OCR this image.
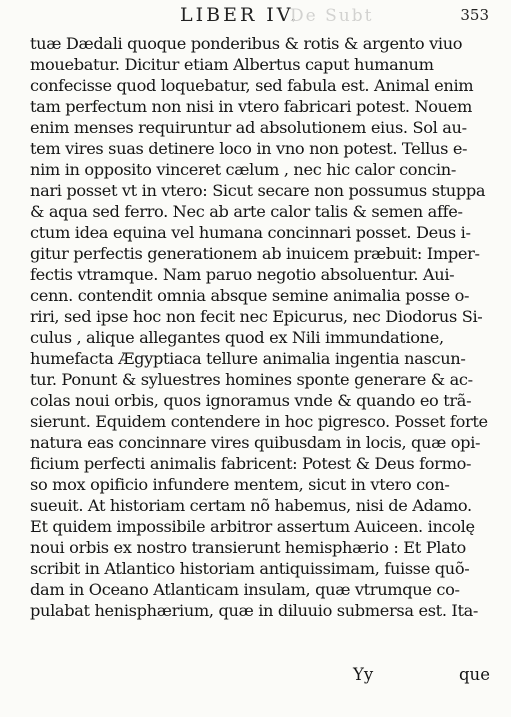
LIBER IV.
De Subt	353
tuæ Dædali quoque ponderibus & rotis & argento viuo
mouebatur. Dicitur etiam Albertus caput humanum
confecisse quod loquebatur, sed fabula est. Animal enim
tam perfectum non nisi in vtero fabricari potest. Nouem
enim menses requiruntur ad absolutionem eius. Sol au-
tem vires suas detinere loco in vno non potest. Tellus e-
nim in opposito vinceret cælum , nec hic calor concin-
nari posset vt in vtero: Sicut secare non possumus stuppa
& aqua sed ferro. Nec ab arte calor talis & semen affe-
ctum idea equina vel humana concinnari posset. Deus i-
gitur perfectis generationem ab inuicem præbuit: Imper-
fectis vtramque. Nam paruo negotio absoluentur. Aui-
cenn. contendit omnia absque semine animalia posse o-
riri, sed ipse hoc non fecit nec Epicurus, nec Diodorus Si-
culus , alique allegantes quod ex Nili immundatione,
humefacta Ægyptiaca tellure animalia ingentia nascun-
tur. Ponunt & syluestres homines sponte generare & ac-
colas noui orbis, quos ignoramus vnde & quando eo trã-
sierunt. Equidem contendere in hoc pigresco. Posset forte
natura eas concinnare vires quibusdam in locis, quæ opi-
ficium perfecti animalis fabricent: Potest & Deus formo-
so mox opificio infundere mentem, sicut in vtero con-
sueuit. At historiam certam nõ habemus, nisi de Adamo.
Et quidem impossibile arbitror assertum Auiceen. incolę
noui orbis ex nostro transierunt hemisphærio : Et Plato
scribit in Atlantico historiam antiquissimam, fuisse quõ-
dam in Oceano Atlanticam insulam, quæ vtrumque co-
pulabat henisphærium, quæ in diluuio submersa est. Ita-
Yy	que
